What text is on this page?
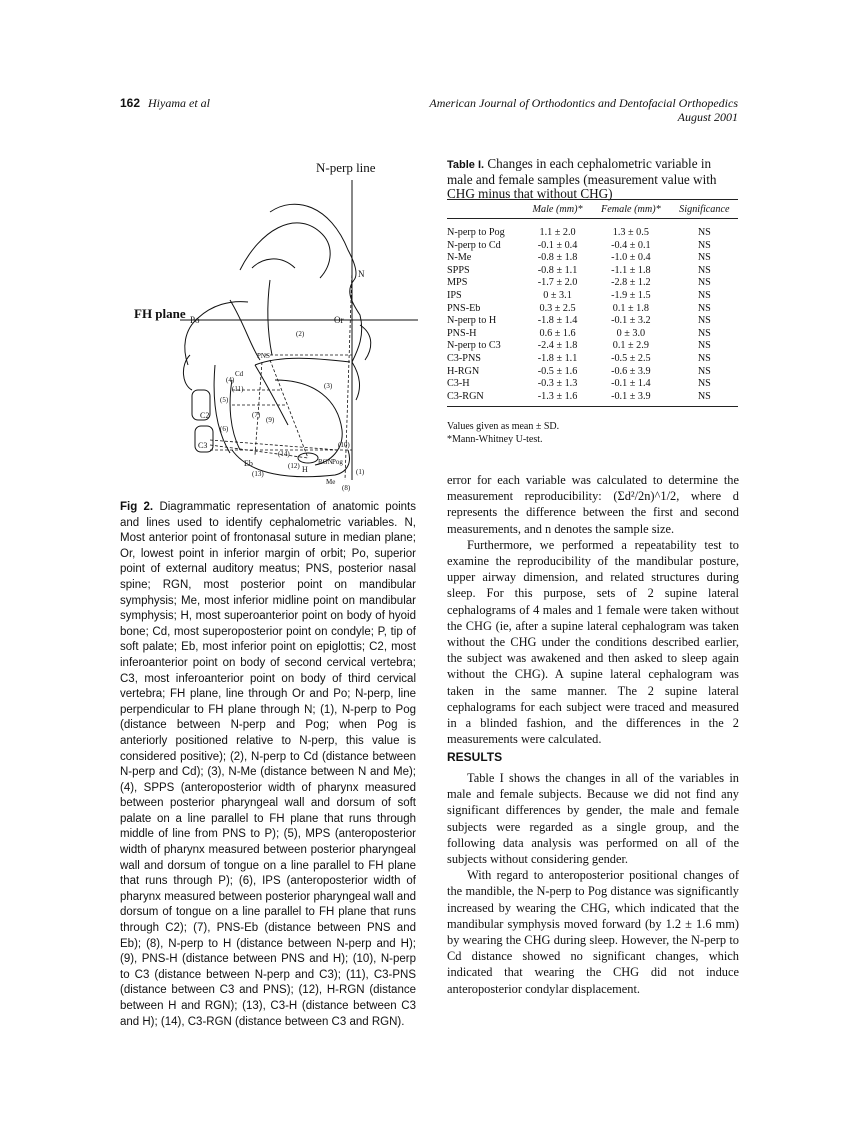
162 Hiyama et al	American Journal of Orthodontics and Dentofacial Orthopedics
August 2001
N-perp line
FH plane
N
Po	Or
PNS
C2
C3
Eb
H
RGN Pog
Me
Cd
(1)
(2)
(3)
(4)
(5)
(6)
(7)
(8)
(9)
(10)
(11)
(12)
(13)
(14)
Fig 2. Diagrammatic representation of anatomic points and lines used to identify cephalometric variables. N, Most anterior point of frontonasal suture in median plane; Or, lowest point in inferior margin of orbit; Po, superior point of external auditory meatus; PNS, posterior nasal spine; RGN, most posterior point on mandibular symphysis; Me, most inferior midline point on mandibular symphysis; H, most superoanterior point on body of hyoid bone; Cd, most superoposterior point on condyle; P, tip of soft palate; Eb, most inferior point on epiglottis; C2, most inferoanterior point on body of second cervical vertebra; C3, most inferoanterior point on body of third cervical vertebra; FH plane, line through Or and Po; N-perp, line perpendicular to FH plane through N; (1), N-perp to Pog (distance between N-perp and Pog; when Pog is anteriorly positioned relative to N-perp, this value is considered positive); (2), N-perp to Cd (distance between N-perp and Cd); (3), N-Me (distance between N and Me); (4), SPPS (anteroposterior width of pharynx measured between posterior pharyngeal wall and dorsum of soft palate on a line parallel to FH plane that runs through middle of line from PNS to P); (5), MPS (anteroposterior width of pharynx measured between posterior pharyngeal wall and dorsum of tongue on a line parallel to FH plane that runs through P); (6), IPS (anteroposterior width of pharynx measured between posterior pharyngeal wall and dorsum of tongue on a line parallel to FH plane that runs through C2); (7), PNS-Eb (distance between PNS and Eb); (8), N-perp to H (distance between N-perp and H); (9), PNS-H (distance between PNS and H); (10), N-perp to C3 (distance between N-perp and C3); (11), C3-PNS (distance between C3 and PNS); (12), H-RGN (distance between H and RGN); (13), C3-H (distance between C3 and H); (14), C3-RGN (distance between C3 and RGN).
Table I. Changes in each cephalometric variable in male and female samples (measurement value with CHG minus that without CHG)
	Male (mm)*	Female (mm)*	Significance
N-perp to Pog	1.1 ± 2.0	1.3 ± 0.5	NS
N-perp to Cd	-0.1 ± 0.4	-0.4 ± 0.1	NS
N-Me	-0.8 ± 1.8	-1.0 ± 0.4	NS
SPPS	-0.8 ± 1.1	-1.1 ± 1.8	NS
MPS	-1.7 ± 2.0	-2.8 ± 1.2	NS
IPS	0 ± 3.1	-1.9 ± 1.5	NS
PNS-Eb	0.3 ± 2.5	0.1 ± 1.8	NS
N-perp to H	-1.8 ± 1.4	-0.1 ± 3.2	NS
PNS-H	0.6 ± 1.6	0 ± 3.0	NS
N-perp to C3	-2.4 ± 1.8	0.1 ± 2.9	NS
C3-PNS	-1.8 ± 1.1	-0.5 ± 2.5	NS
H-RGN	-0.5 ± 1.6	-0.6 ± 3.9	NS
C3-H	-0.3 ± 1.3	-0.1 ± 1.4	NS
C3-RGN	-1.3 ± 1.6	-0.1 ± 3.9	NS
Values given as mean ± SD.
*Mann-Whitney U-test.

error for each variable was calculated to determine the measurement reproducibility: (Σd²/2n)^1/2, where d represents the difference between the first and second measurements, and n denotes the sample size.

Furthermore, we performed a repeatability test to examine the reproducibility of the mandibular posture, upper airway dimension, and related structures during sleep. For this purpose, sets of 2 supine lateral cephalograms of 4 males and 1 female were taken without the CHG (ie, after a supine lateral cephalogram was taken without the CHG under the conditions described earlier, the subject was awakened and then asked to sleep again without the CHG). A supine lateral cephalogram was taken in the same manner. The 2 supine lateral cephalograms for each subject were traced and measured in a blinded fashion, and the differences in the 2 measurements were calculated.

RESULTS

Table I shows the changes in all of the variables in male and female subjects. Because we did not find any significant differences by gender, the male and female subjects were regarded as a single group, and the following data analysis was performed on all of the subjects without considering gender.

With regard to anteroposterior positional changes of the mandible, the N-perp to Pog distance was significantly increased by wearing the CHG, which indicated that the mandibular symphysis moved forward (by 1.2 ± 1.6 mm) by wearing the CHG during sleep. However, the N-perp to Cd distance showed no significant changes, which indicated that wearing the CHG did not induce anteroposterior condylar displacement.
